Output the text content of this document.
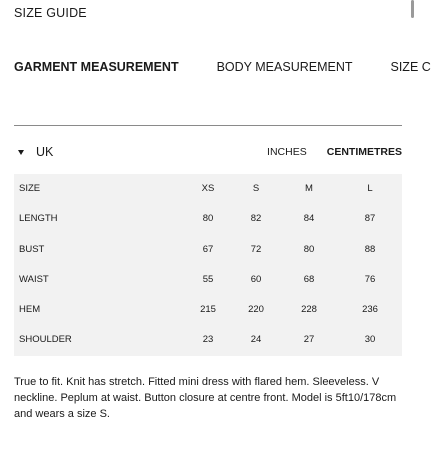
SIZE GUIDE
GARMENT MEASUREMENT	BODY MEASUREMENT	SIZE C
UK	INCHES CENTIMETRES
SIZE	XS	S	M	L
LENGTH	80	82	84	87
BUST	67	72	80	88
WAIST	55	60	68	76
HEM	215	220	228	236
SHOULDER	23	24	27	30
True to fit. Knit has stretch. Fitted mini dress with flared hem. Sleeveless. V neckline. Peplum at waist. Button closure at centre front. Model is 5ft10/178cm and wears a size S.
